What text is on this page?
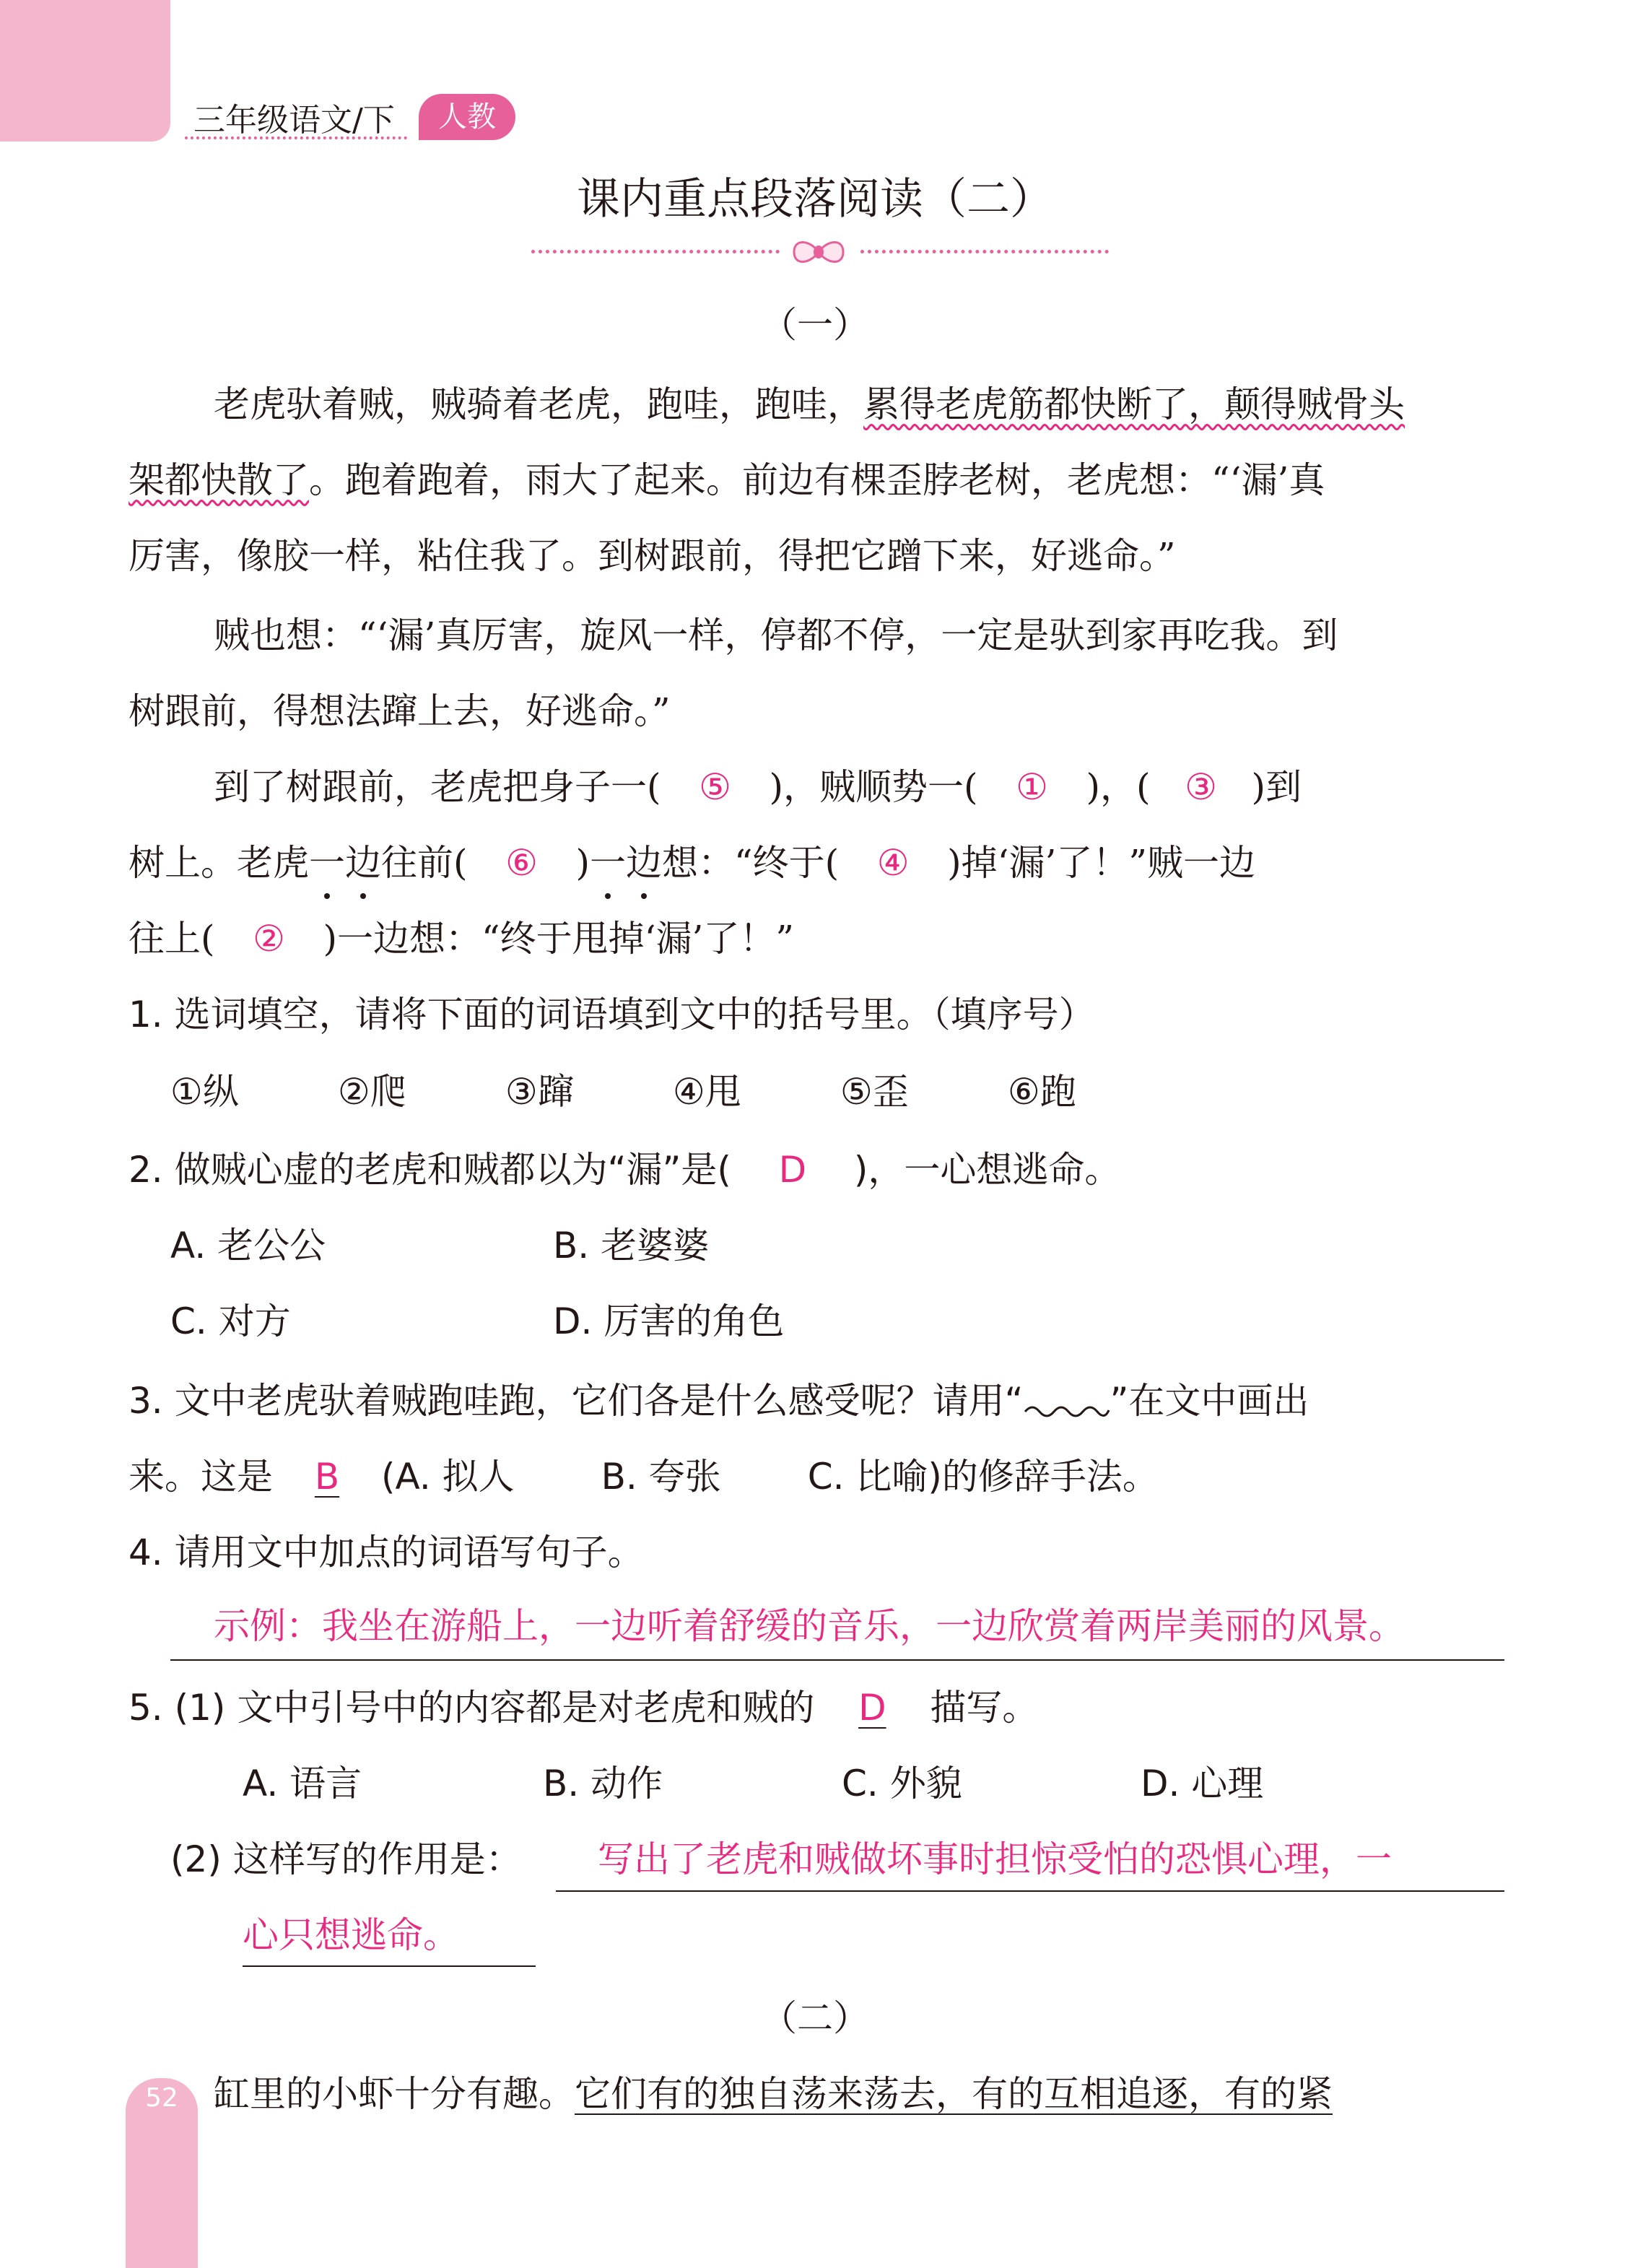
三年级语文/下	人教
课内重点段落阅读（二）
（一）
老虎驮着贼，贼骑着老虎，跑哇，跑哇，累得老虎筋都快断了，颠得贼骨头
架都快散了。跑着跑着，雨大了起来。前边有棵歪脖老树，老虎想：“‘漏’真
厉害，像胶一样，粘住我了。到树跟前，得把它蹭下来，好逃命。”
贼也想：“‘漏’真厉害，旋风一样，停都不停，一定是驮到家再吃我。到
树跟前，得想法蹿上去，好逃命。”
到了树跟前，老虎把身子一( ⑤ )，贼顺势一( ① )，( ③ )到
树上。老虎一边往前( ⑥ )一边想：“终于( ④ )掉‘漏’了！”贼一边
往上( ② )一边想：“终于甩掉‘漏’了！”
1. 选词填空，请将下面的词语填到文中的括号里。（填序号）
①纵	②爬	③蹿	④甩	⑤歪	⑥跑
2. 做贼心虚的老虎和贼都以为“漏”是( D )，一心想逃命。
A. 老公公	B. 老婆婆
C. 对方	D. 厉害的角色
3. 文中老虎驮着贼跑哇跑，它们各是什么感受呢？请用“ ”在文中画出
来。这是 B (A. 拟人 B. 夸张 C. 比喻)的修辞手法。
4. 请用文中加点的词语写句子。
示例：我坐在游船上，一边听着舒缓的音乐，一边欣赏着两岸美丽的风景。
5. (1) 文中引号中的内容都是对老虎和贼的 D 描写。
A. 语言	B. 动作	C. 外貌	D. 心理
(2) 这样写的作用是： 写出了老虎和贼做坏事时担惊受怕的恐惧心理，一
心只想逃命。
（二）
缸里的小虾十分有趣。它们有的独自荡来荡去，有的互相追逐，有的紧
52
